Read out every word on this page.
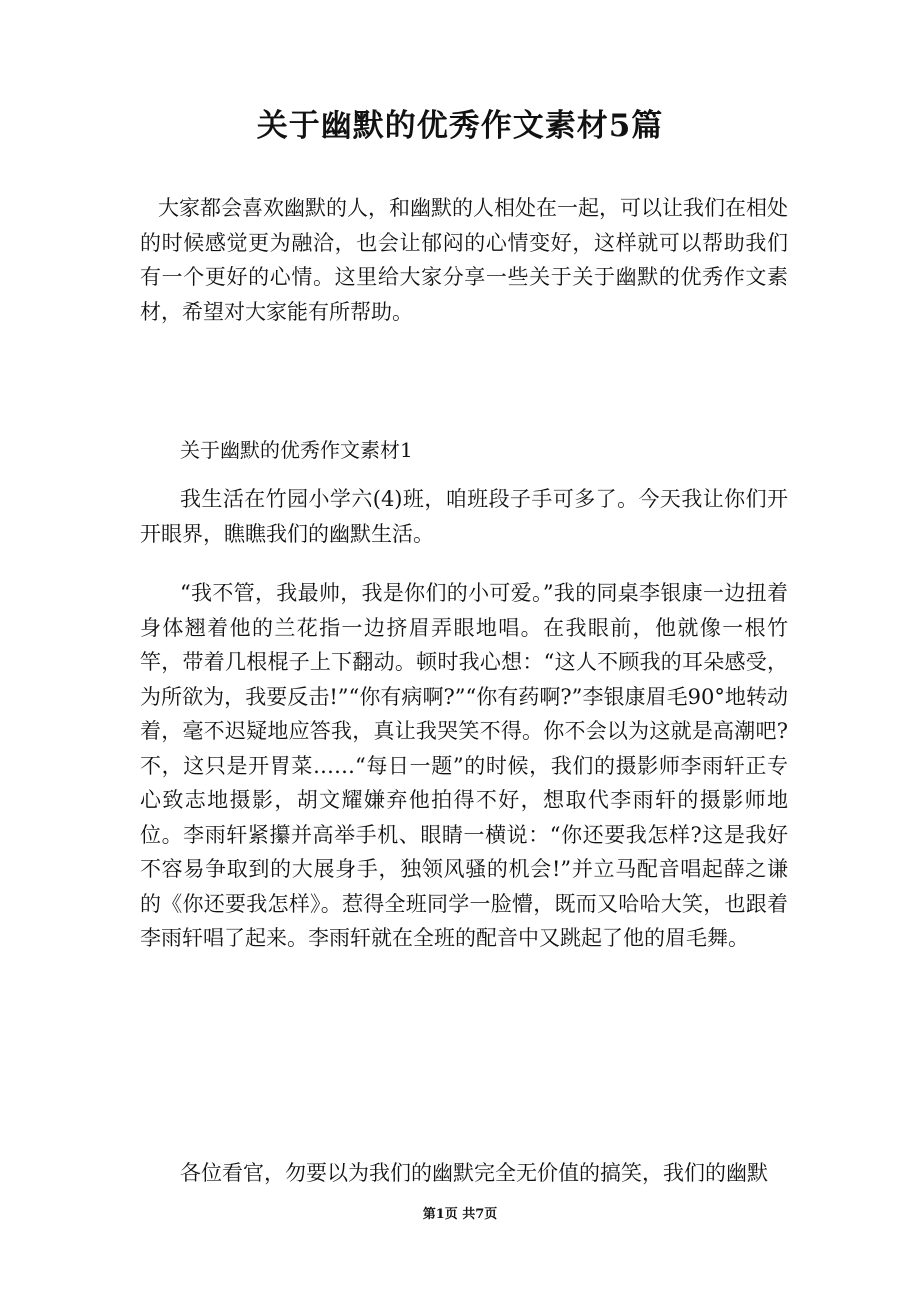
关于幽默的优秀作文素材5篇

大家都会喜欢幽默的人，和幽默的人相处在一起，可以让我们在相处的时候感觉更为融洽，也会让郁闷的心情变好，这样就可以帮助我们有一个更好的心情。这里给大家分享一些关于关于幽默的优秀作文素材，希望对大家能有所帮助。

关于幽默的优秀作文素材1

我生活在竹园小学六(4)班，咱班段子手可多了。今天我让你们开开眼界，瞧瞧我们的幽默生活。

“我不管，我最帅，我是你们的小可爱。”我的同桌李银康一边扭着身体翘着他的兰花指一边挤眉弄眼地唱。在我眼前，他就像一根竹竿，带着几根棍子上下翻动。顿时我心想：“这人不顾我的耳朵感受，为所欲为，我要反击!”“你有病啊?”“你有药啊?”李银康眉毛90°地转动着，毫不迟疑地应答我，真让我哭笑不得。你不会以为这就是高潮吧?不，这只是开胃菜……“每日一题”的时候，我们的摄影师李雨轩正专心致志地摄影，胡文耀嫌弃他拍得不好，想取代李雨轩的摄影师地位。李雨轩紧攥并高举手机、眼睛一横说：“你还要我怎样?这是我好不容易争取到的大展身手，独领风骚的机会!”并立马配音唱起薛之谦的《你还要我怎样》。惹得全班同学一脸懵，既而又哈哈大笑，也跟着李雨轩唱了起来。李雨轩就在全班的配音中又跳起了他的眉毛舞。

各位看官，勿要以为我们的幽默完全无价值的搞笑，我们的幽默

第1页 共7页
